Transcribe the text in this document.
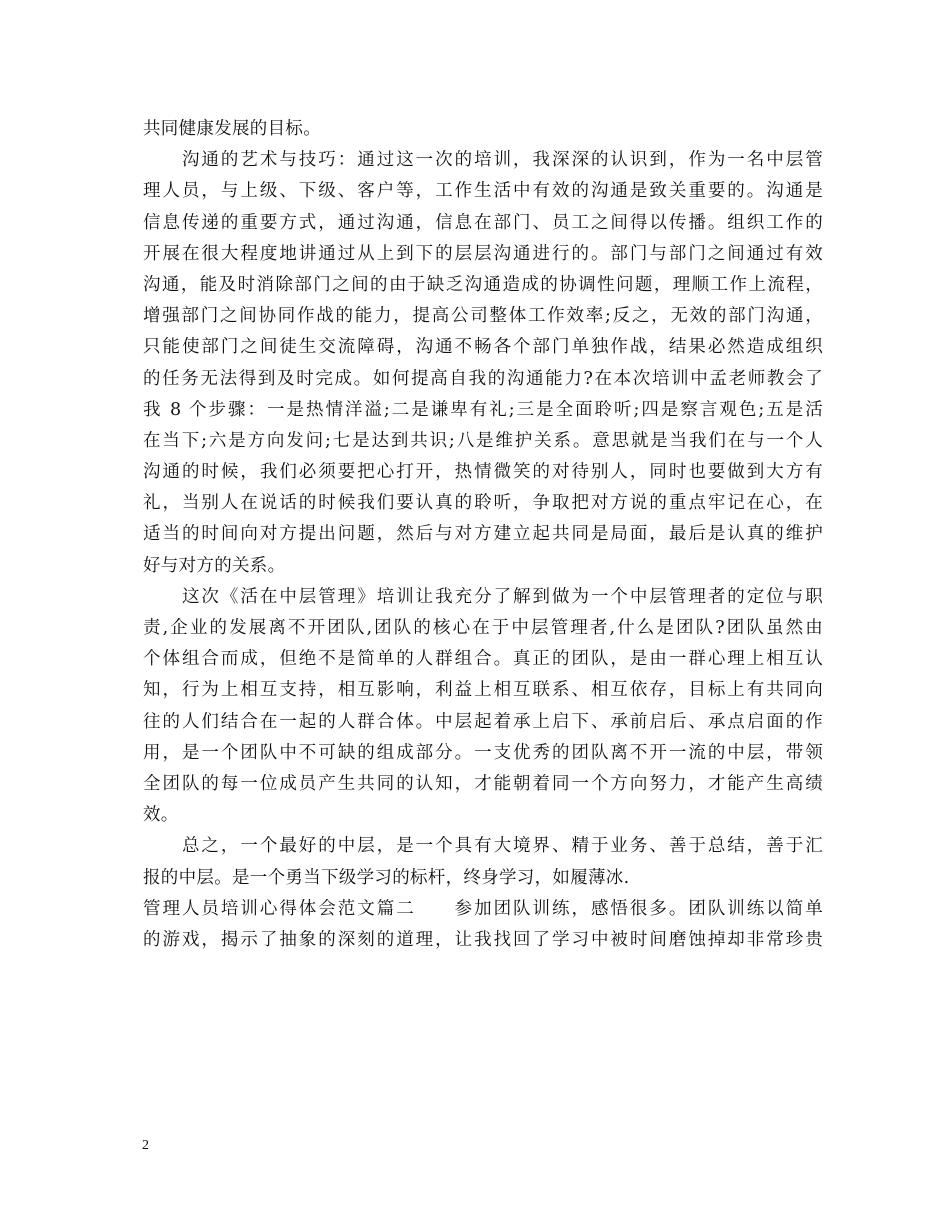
共同健康发展的目标。
　　沟通的艺术与技巧：通过这一次的培训，我深深的认识到，作为一名中层管
理人员，与上级、下级、客户等，工作生活中有效的沟通是致关重要的。沟通是
信息传递的重要方式，通过沟通，信息在部门、员工之间得以传播。组织工作的
开展在很大程度地讲通过从上到下的层层沟通进行的。部门与部门之间通过有效
沟通，能及时消除部门之间的由于缺乏沟通造成的协调性问题，理顺工作上流程，
增强部门之间协同作战的能力，提高公司整体工作效率;反之，无效的部门沟通，
只能使部门之间徒生交流障碍，沟通不畅各个部门单独作战，结果必然造成组织
的任务无法得到及时完成。如何提高自我的沟通能力?在本次培训中孟老师教会了
我 8 个步骤：一是热情洋溢;二是谦卑有礼;三是全面聆听;四是察言观色;五是活
在当下;六是方向发问;七是达到共识;八是维护关系。意思就是当我们在与一个人
沟通的时候，我们必须要把心打开，热情微笑的对待别人，同时也要做到大方有
礼，当别人在说话的时候我们要认真的聆听，争取把对方说的重点牢记在心，在
适当的时间向对方提出问题，然后与对方建立起共同是局面，最后是认真的维护
好与对方的关系。
　　这次《活在中层管理》培训让我充分了解到做为一个中层管理者的定位与职
责,企业的发展离不开团队,团队的核心在于中层管理者,什么是团队?团队虽然由
个体组合而成，但绝不是简单的人群组合。真正的团队，是由一群心理上相互认
知，行为上相互支持，相互影响，利益上相互联系、相互依存，目标上有共同向
往的人们结合在一起的人群合体。中层起着承上启下、承前启后、承点启面的作
用，是一个团队中不可缺的组成部分。一支优秀的团队离不开一流的中层，带领
全团队的每一位成员产生共同的认知，才能朝着同一个方向努力，才能产生高绩
效。
　　总之，一个最好的中层，是一个具有大境界、精于业务、善于总结，善于汇
报的中层。是一个勇当下级学习的标杆，终身学习，如履薄冰.
管理人员培训心得体会范文篇二　　参加团队训练，感悟很多。团队训练以简单
的游戏，揭示了抽象的深刻的道理，让我找回了学习中被时间磨蚀掉却非常珍贵
2
